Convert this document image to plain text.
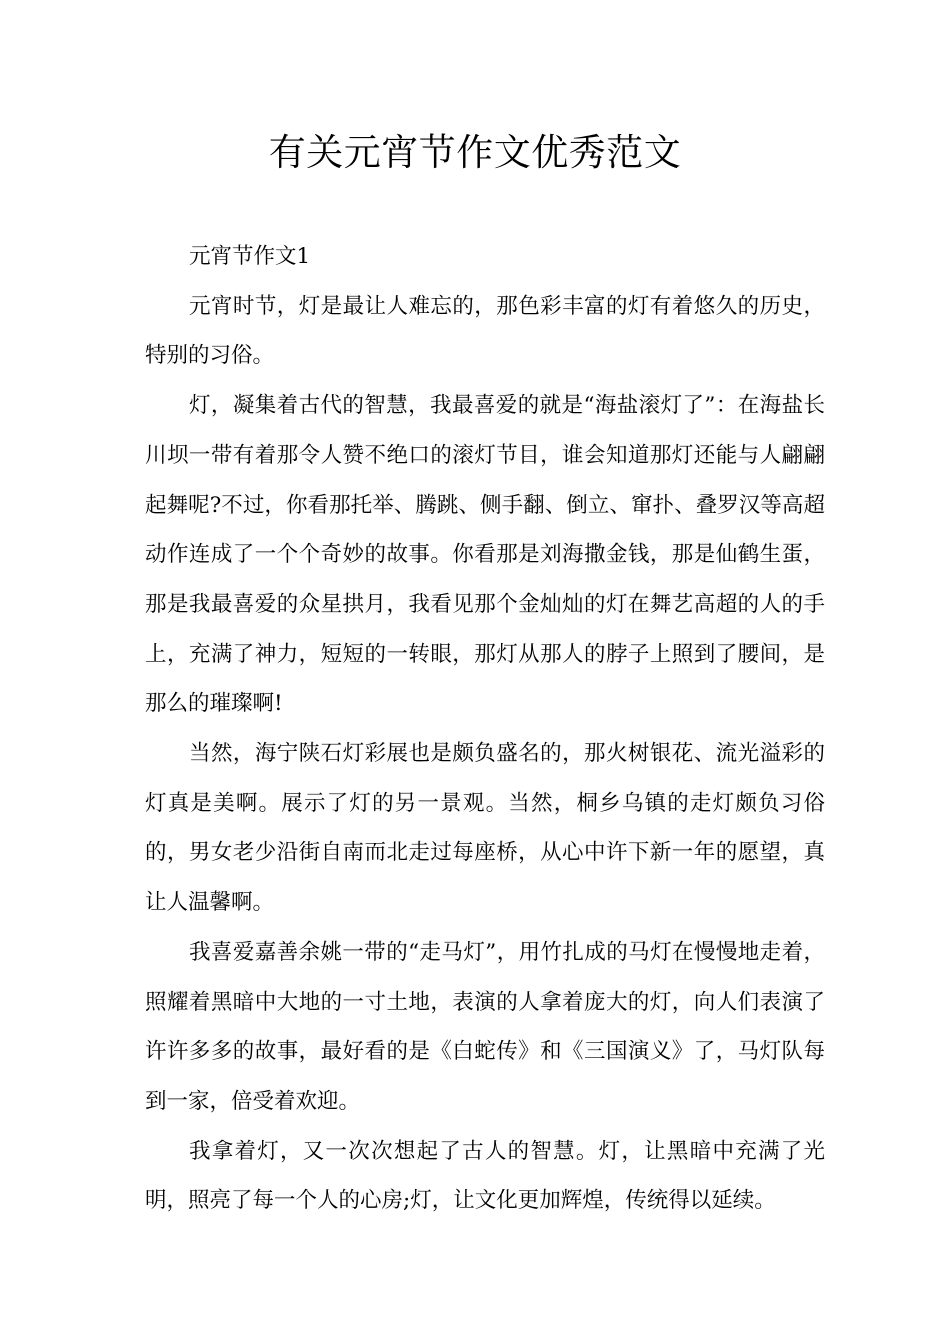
有关元宵节作文优秀范文

元宵节作文1

元宵时节，灯是最让人难忘的，那色彩丰富的灯有着悠久的历史，特别的习俗。

灯，凝集着古代的智慧，我最喜爱的就是“海盐滚灯了”：在海盐长川坝一带有着那令人赞不绝口的滚灯节目，谁会知道那灯还能与人翩翩起舞呢?不过，你看那托举、腾跳、侧手翻、倒立、窜扑、叠罗汉等高超动作连成了一个个奇妙的故事。你看那是刘海撒金钱，那是仙鹤生蛋，那是我最喜爱的众星拱月，我看见那个金灿灿的灯在舞艺高超的人的手上，充满了神力，短短的一转眼，那灯从那人的脖子上照到了腰间，是那么的璀璨啊!

当然，海宁陕石灯彩展也是颇负盛名的，那火树银花、流光溢彩的灯真是美啊。展示了灯的另一景观。当然，桐乡乌镇的走灯颇负习俗的，男女老少沿街自南而北走过每座桥，从心中许下新一年的愿望，真让人温馨啊。

我喜爱嘉善余姚一带的“走马灯”，用竹扎成的马灯在慢慢地走着，照耀着黑暗中大地的一寸土地，表演的人拿着庞大的灯，向人们表演了许许多多的故事，最好看的是《白蛇传》和《三国演义》了，马灯队每到一家，倍受着欢迎。

我拿着灯，又一次次想起了古人的智慧。灯，让黑暗中充满了光明，照亮了每一个人的心房;灯，让文化更加辉煌，传统得以延续。
